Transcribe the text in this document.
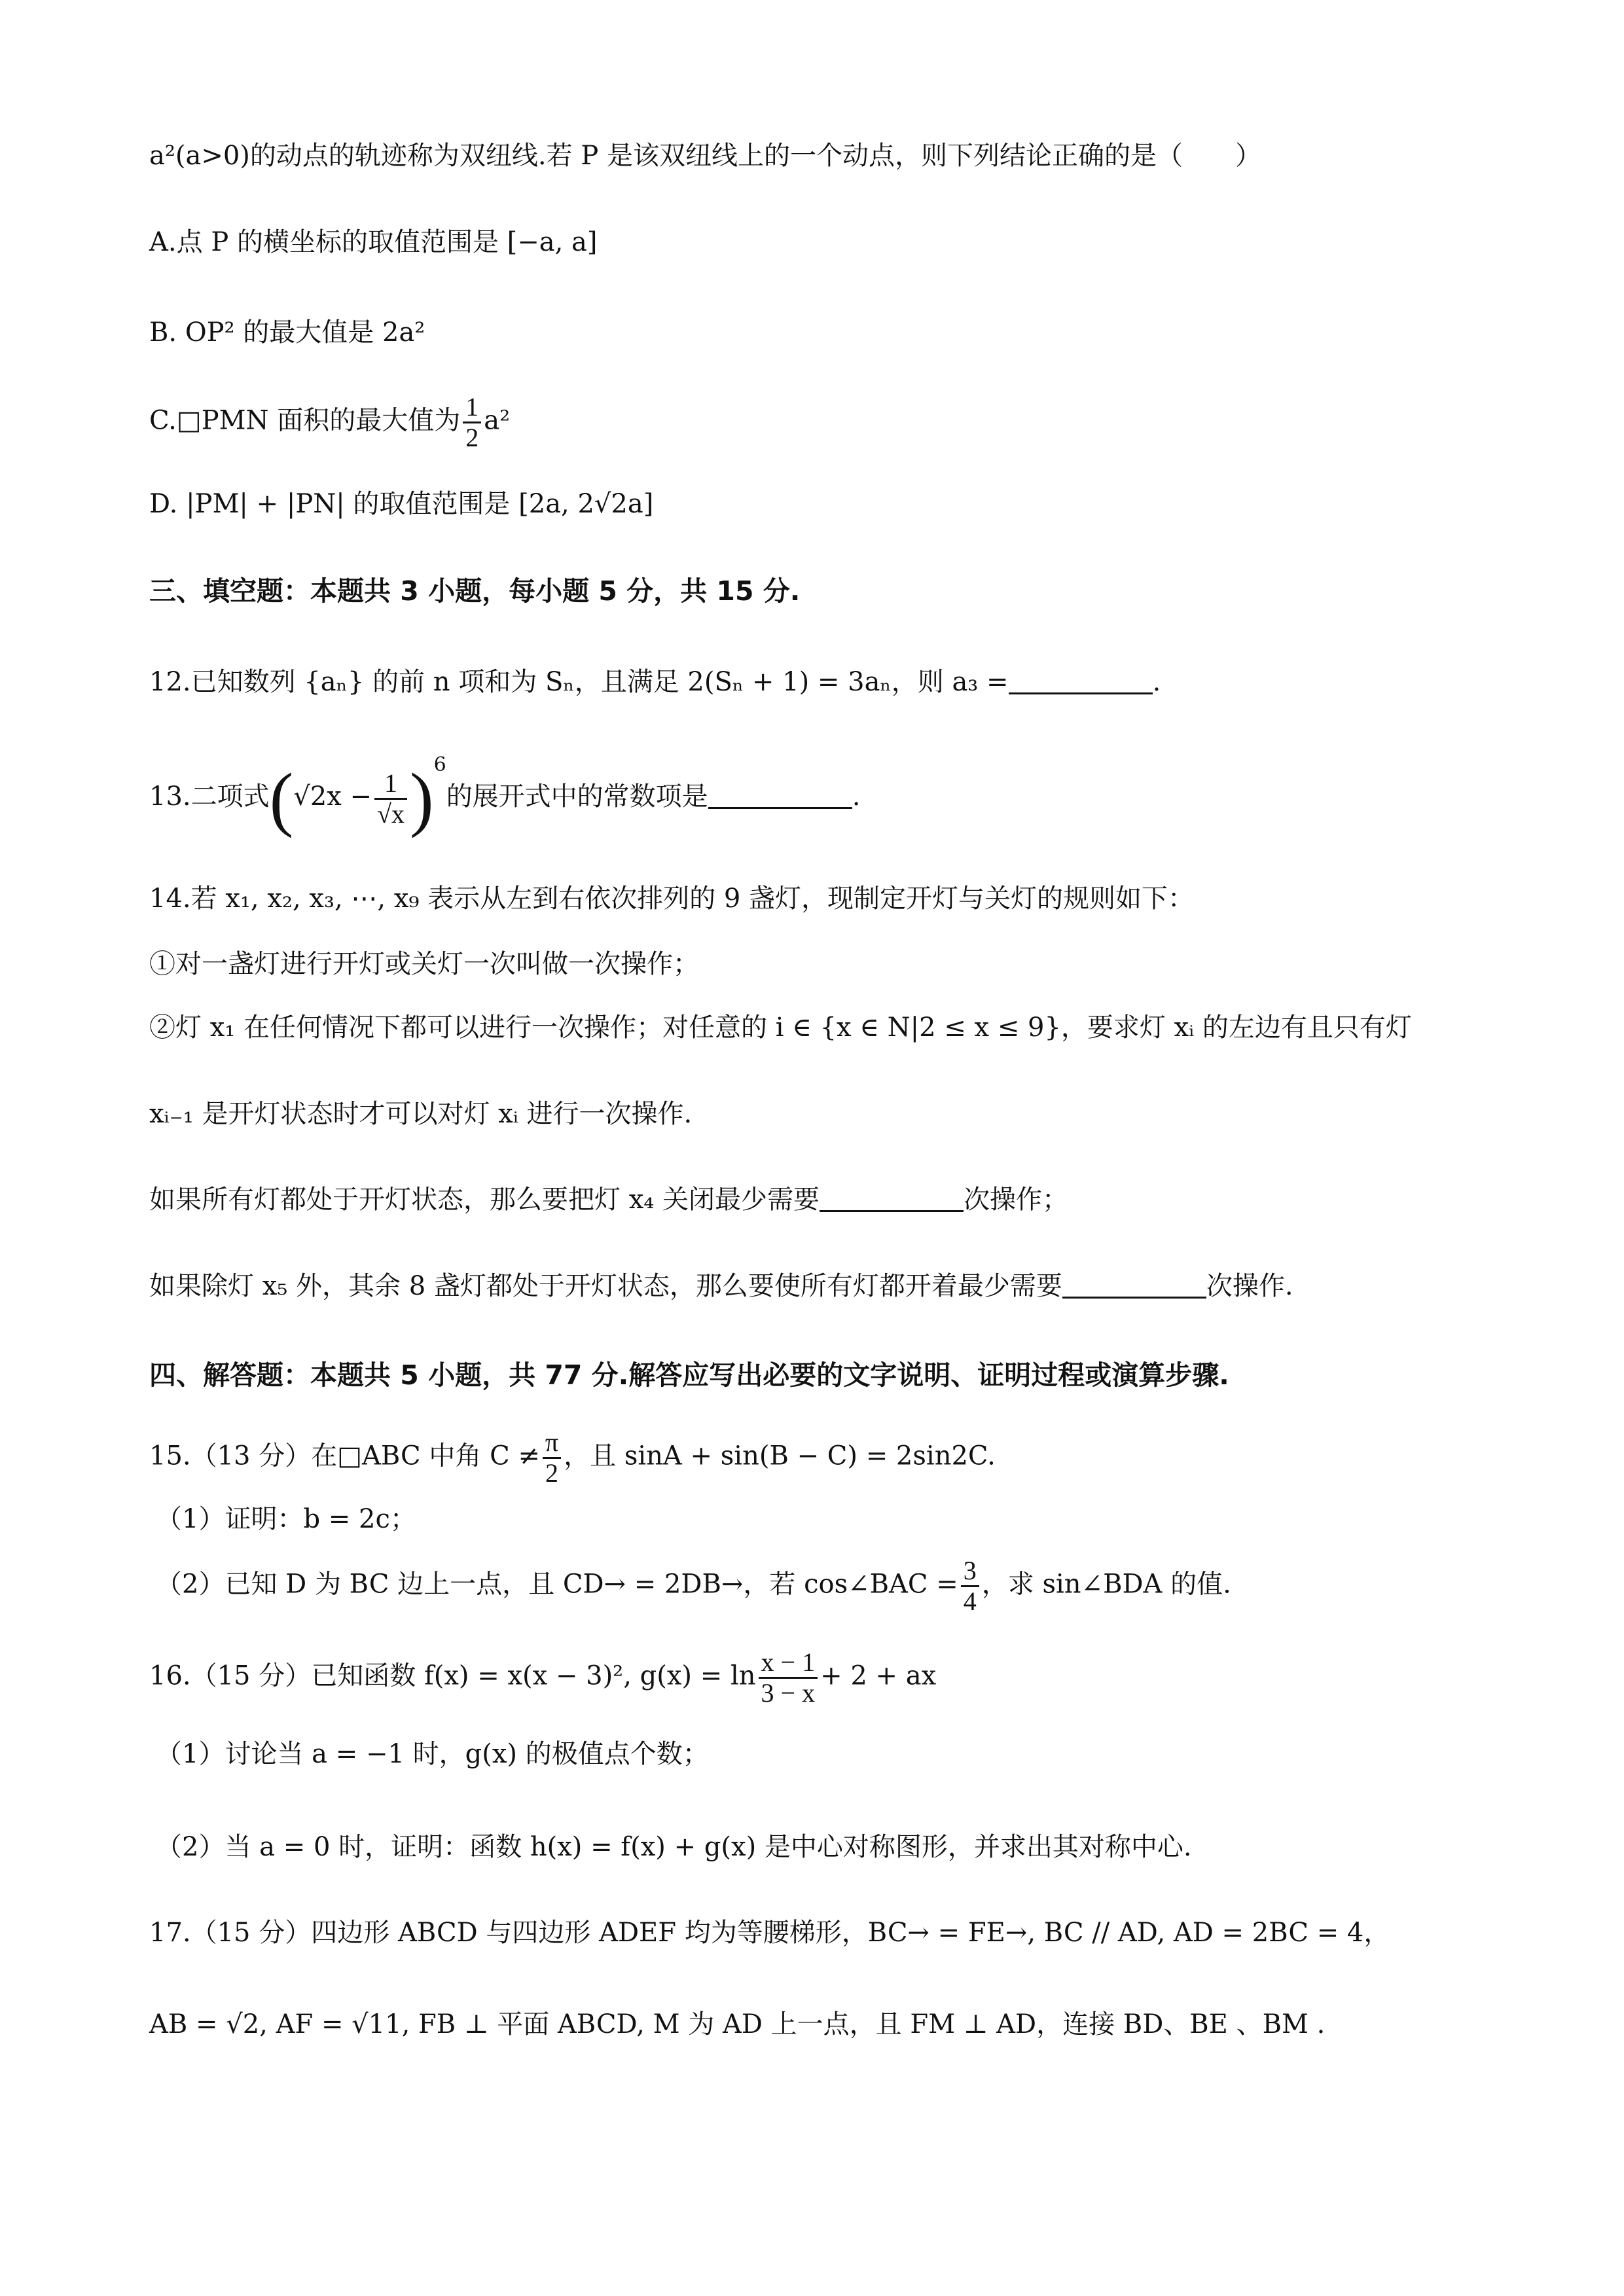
a²(a>0)的动点的轨迹称为双纽线.若 P 是该双纽线上的一个动点，则下列结论正确的是（　　）
A.点 P 的横坐标的取值范围是 [−a, a]
B. OP² 的最大值是 2a²
C.□PMN 面积的最大值为 $\frac{1}{2} a^2$
D. |PM| + |PN| 的取值范围是 [2a, 2√2a]
三、填空题：本题共 3 小题，每小题 5 分，共 15 分.
12.已知数列 {aₙ} 的前 n 项和为 Sₙ，且满足 2(Sₙ + 1) = 3aₙ，则 a₃ =	.
13.二项式$(√2x - \frac{1}{√x} )^6$的展开式中的常数项是	.
14.若 x₁, x₂, x₃, ⋯, x₉ 表示从左到右依次排列的 9 盏灯，现制定开灯与关灯的规则如下：
①对一盏灯进行开灯或关灯一次叫做一次操作；
②灯 x₁ 在任何情况下都可以进行一次操作；对任意的 i ∈ {x ∈ N|2 ≤ x ≤ 9}，要求灯 xᵢ 的左边有且只有灯
xᵢ₋₁ 是开灯状态时才可以对灯 xᵢ 进行一次操作.
如果所有灯都处于开灯状态，那么要把灯 x₄ 关闭最少需要	次操作；
如果除灯 x₅ 外，其余 8 盏灯都处于开灯状态，那么要使所有灯都开着最少需要	次操作.
四、解答题：本题共 5 小题，共 77 分.解答应写出必要的文字说明、证明过程或演算步骤.
15.（13 分）在□ABC 中角 $C \ne \frac{\pi}{2}$ ，且 sinA + sin(B − C) = 2sin2C.
（1）证明：b = 2c；
（2）已知 D 为 BC 边上一点，且 CD→ = 2DB→，若 cos∠BAC = $\frac{3}{4}$ ，求 sin∠BDA 的值.
16.（15 分）已知函数 f(x) = x(x − 3)², $g(x) = \ln \frac{x - 1}{3 - x} + 2$ + ax
（1）讨论当 a = −1 时，g(x) 的极值点个数；
（2）当 a = 0 时，证明：函数 h(x) = f(x) + g(x) 是中心对称图形，并求出其对称中心.
17.（15 分）四边形 ABCD 与四边形 ADEF 均为等腰梯形，BC→ = FE→, BC // AD, AD = 2BC = 4，
AB = √2, AF = √11, FB ⊥ 平面 ABCD, M 为 AD 上一点，且 FM ⊥ AD，连接 BD、BE 、BM .
